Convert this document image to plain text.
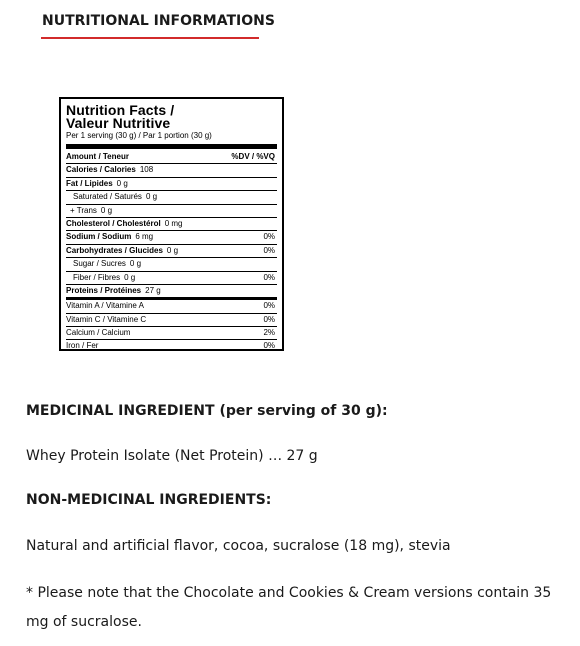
NUTRITIONAL INFORMATIONS
Nutrition Facts /
Valeur Nutritive
Per 1 serving (30 g) / Par 1 portion (30 g)
Amount / Teneur	%DV / %VQ
Calories / Calories 108
Fat / Lipides 0 g
Saturated / Saturés 0 g
+ Trans 0 g
Cholesterol / Cholestérol 0 mg
Sodium / Sodium 6 mg	0%
Carbohydrates / Glucides 0 g	0%
Sugar / Sucres 0 g
Fiber / Fibres 0 g	0%
Proteins / Protéines 27 g
Vitamin A / Vitamine A	0%
Vitamin C / Vitamine C	0%
Calcium / Calcium	2%
Iron / Fer	0%
MEDICINAL INGREDIENT (per serving of 30 g):
Whey Protein Isolate (Net Protein) … 27 g
NON-MEDICINAL INGREDIENTS:
Natural and artificial flavor, cocoa, sucralose (18 mg), stevia
* Please note that the Chocolate and Cookies & Cream versions contain 35 mg of sucralose.
